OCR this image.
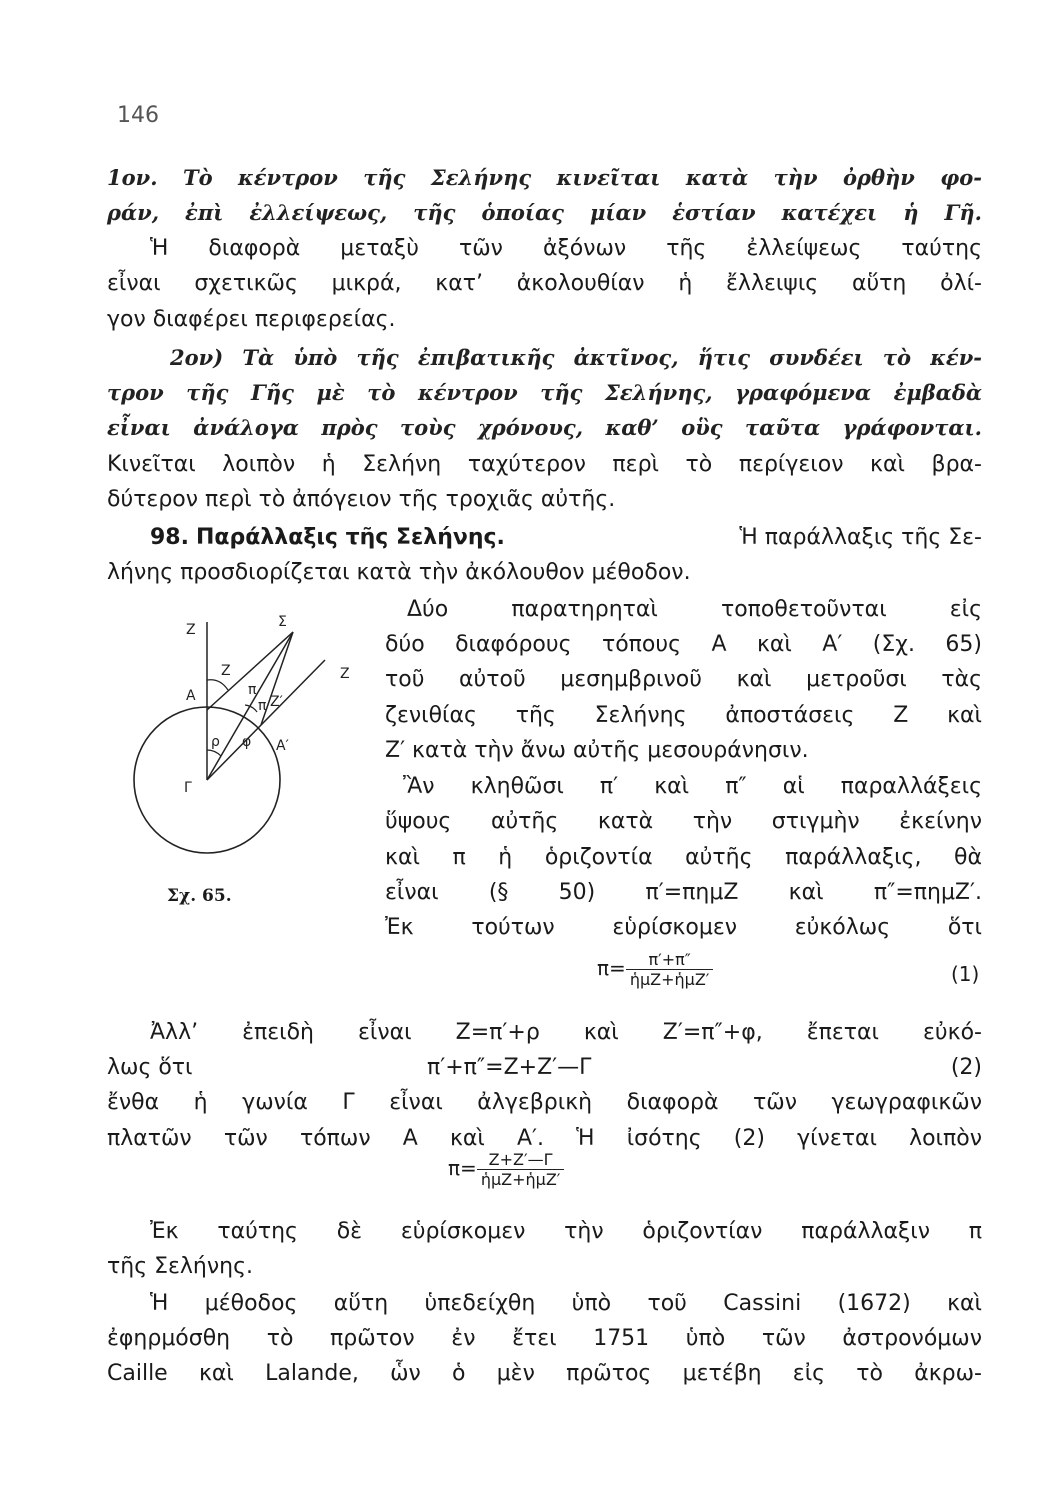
146
1ον. Τὸ κέντρον τῆς Σελήνης κινεῖται κατὰ τὴν ὀρθὴν φο-
ράν, ἐπὶ ἐλλείψεως, τῆς ὁποίας μίαν ἑστίαν κατέχει ἡ Γῆ.
Ἡ διαφορὰ μεταξὺ τῶν ἀξόνων τῆς ἐλλείψεως ταύτης
εἶναι σχετικῶς μικρά, κατ’ ἀκολουθίαν ἡ ἔλλειψις αὕτη ὀλί-
γον διαφέρει περιφερείας.
2ον) Τὰ ὑπὸ τῆς ἐπιβατικῆς ἀκτῖνος, ἥτις συνδέει τὸ κέν-
τρον τῆς Γῆς μὲ τὸ κέντρον τῆς Σελήνης, γραφόμενα ἐμβαδὰ
εἶναι ἀνάλογα πρὸς τοὺς χρόνους, καθ’ οὓς ταῦτα γράφονται.
Κινεῖται λοιπὸν ἡ Σελήνη ταχύτερον περὶ τὸ περίγειον καὶ βρα-
δύτερον περὶ τὸ ἀπόγειον τῆς τροχιᾶς αὐτῆς.
98. Παράλλαξις τῆς Σελήνης.	Ἡ παράλλαξις τῆς Σε-
λήνης προσδιορίζεται κατὰ τὴν ἀκόλουθον μέθοδον.
Δύο παρατηρηταὶ τοποθετοῦνται εἰς
δύο διαφόρους τόπους Α καὶ Α′ (Σχ. 65)
τοῦ αὐτοῦ μεσημβρινοῦ καὶ μετροῦσι τὰς
ζενιθίας τῆς Σελήνης ἀποστάσεις Ζ καὶ
Ζ′ κατὰ τὴν ἄνω αὐτῆς μεσουράνησιν.
Ἂν κληθῶσι π′ καὶ π″ αἱ παραλλάξεις
ὕψους αὐτῆς κατὰ τὴν στιγμὴν ἐκείνην
καὶ π ἡ ὁριζοντία αὐτῆς παράλλαξις, θὰ
εἶναι (§ 50) π′=πημΖ καὶ π″=πημΖ′.
Ἐκ τούτων εὑρίσκομεν εὐκόλως ὅτι
Z	Σ
Z
π
Z
A
π Z′
ρ φ A′
Γ
Σχ. 65.
$\pi= \frac{\pi'+\pi''}{\text{ἡμΖ+ἡμΖ′}}$	(1)
Ἀλλ’ ἐπειδὴ εἶναι Ζ=π′+ρ καὶ Ζ′=π″+φ, ἔπεται εὐκό-
λως ὅτι	π′+π″=Ζ+Ζ′—Γ	(2)
ἔνθα ἡ γωνία Γ εἶναι ἀλγεβρικὴ διαφορὰ τῶν γεωγραφικῶν
πλατῶν τῶν τόπων Α καὶ Α′. Ἡ ἰσότης (2) γίνεται λοιπὸν
$\pi= \frac{Z+Z'—\Gamma}{\text{ἡμΖ+ἡμΖ′}}$
Ἐκ ταύτης δὲ εὑρίσκομεν τὴν ὁριζοντίαν παράλλαξιν π
τῆς Σελήνης.
Ἡ μέθοδος αὕτη ὑπεδείχθη ὑπὸ τοῦ Cassini (1672) καὶ
ἐφηρμόσθη τὸ πρῶτον ἐν ἔτει 1751 ὑπὸ τῶν ἀστρονόμων
Caille καὶ Lalande, ὧν ὁ μὲν πρῶτος μετέβη εἰς τὸ ἀκρω-
